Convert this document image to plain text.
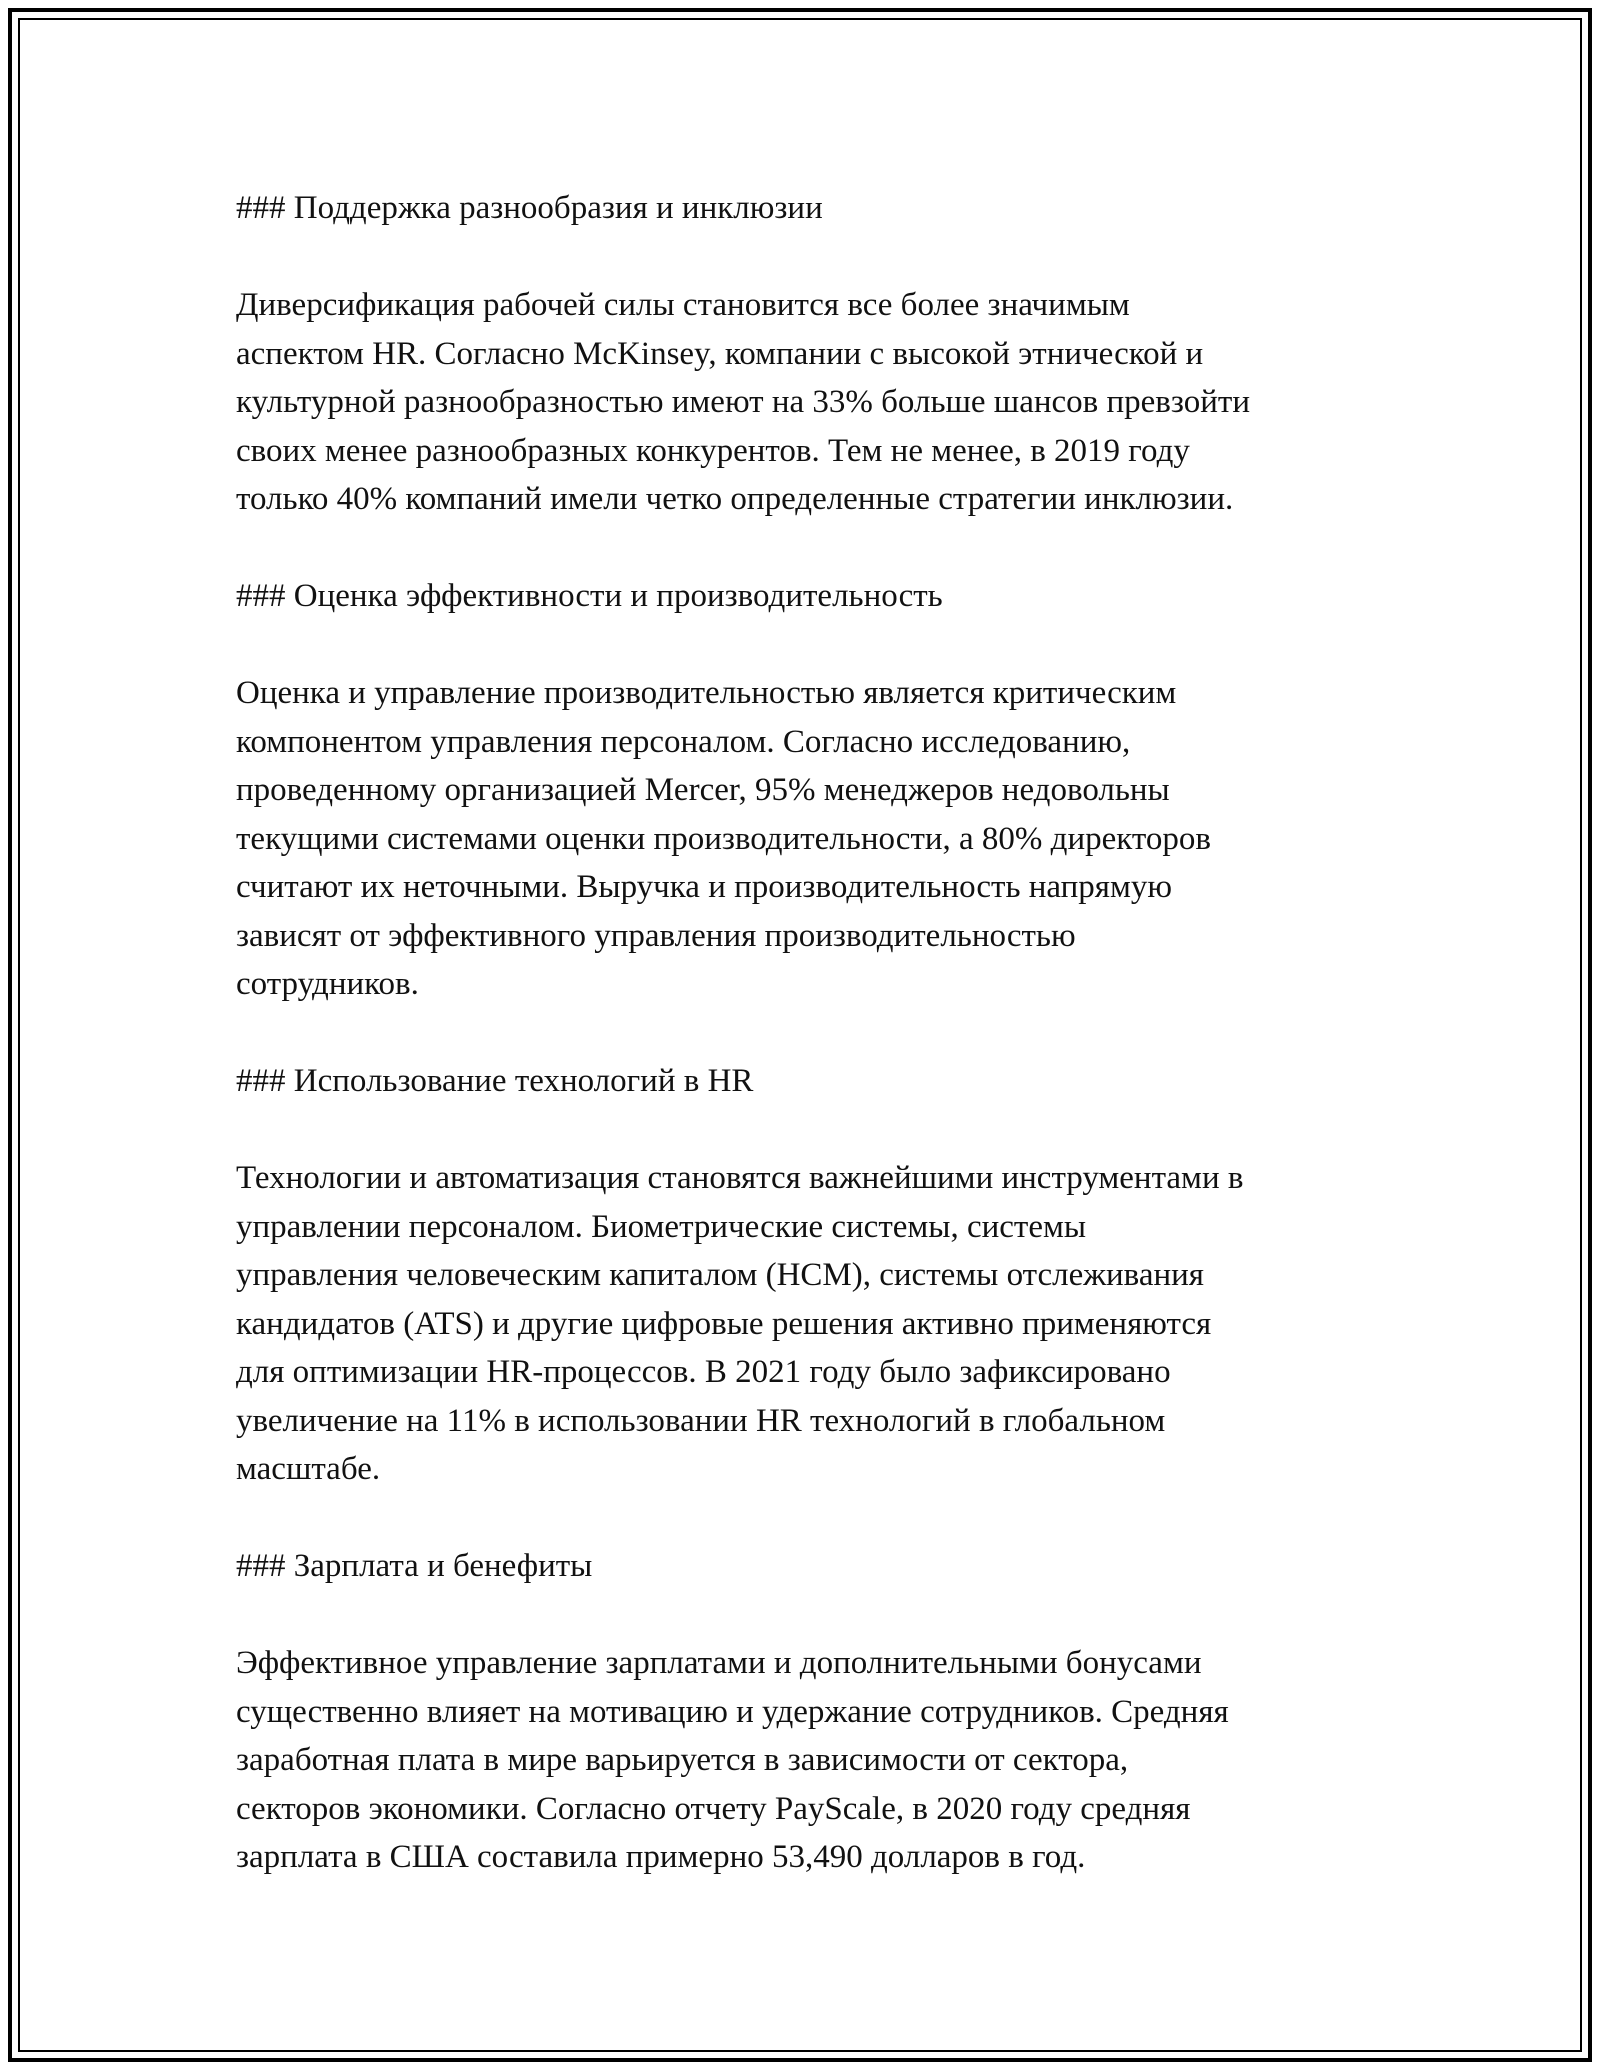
### Поддержка разнообразия и инклюзии

Диверсификация рабочей силы становится все более значимым
аспектом HR. Согласно McKinsey, компании с высокой этнической и
культурной разнообразностью имеют на 33% больше шансов превзойти
своих менее разнообразных конкурентов. Тем не менее, в 2019 году
только 40% компаний имели четко определенные стратегии инклюзии.

### Оценка эффективности и производительность

Оценка и управление производительностью является критическим
компонентом управления персоналом. Согласно исследованию,
проведенному организацией Mercer, 95% менеджеров недовольны
текущими системами оценки производительности, а 80% директоров
считают их неточными. Выручка и производительность напрямую
зависят от эффективного управления производительностью
сотрудников.

### Использование технологий в HR

Технологии и автоматизация становятся важнейшими инструментами в
управлении персоналом. Биометрические системы, системы
управления человеческим капиталом (HCM), системы отслеживания
кандидатов (ATS) и другие цифровые решения активно применяются
для оптимизации HR-процессов. В 2021 году было зафиксировано
увеличение на 11% в использовании HR технологий в глобальном
масштабе.

### Зарплата и бенефиты

Эффективное управление зарплатами и дополнительными бонусами
существенно влияет на мотивацию и удержание сотрудников. Средняя
заработная плата в мире варьируется в зависимости от сектора,
секторов экономики. Согласно отчету PayScale, в 2020 году средняя
зарплата в США составила примерно 53,490 долларов в год.
